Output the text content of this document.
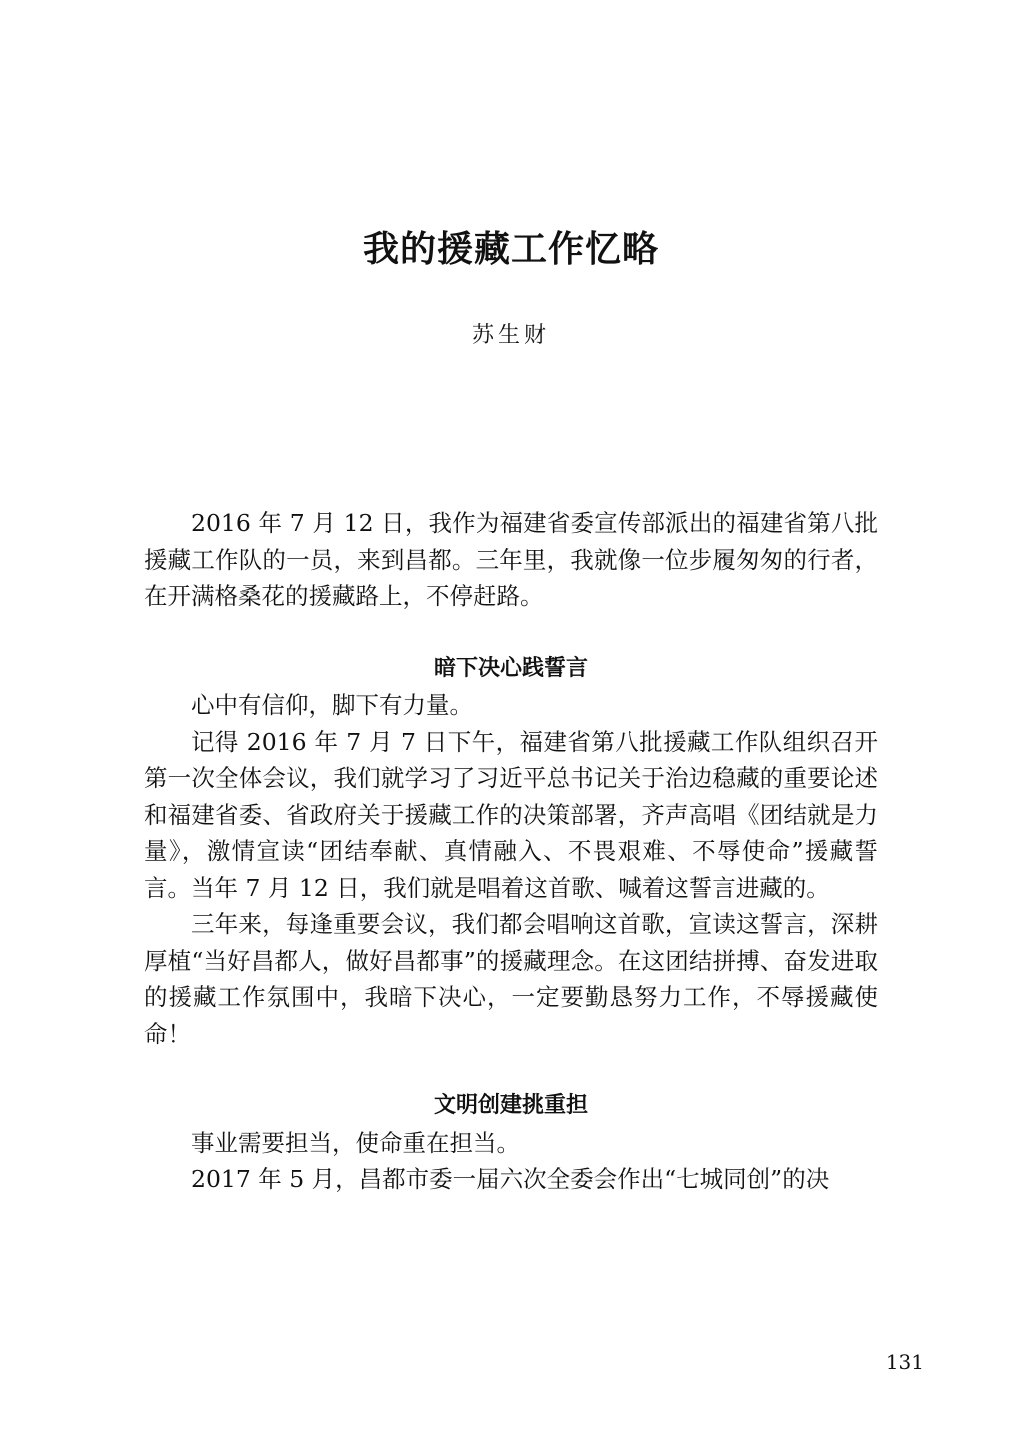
我的援藏工作忆略
苏生财

2016 年 7 月 12 日，我作为福建省委宣传部派出的福建省第八批援藏工作队的一员，来到昌都。三年里，我就像一位步履匆匆的行者，在开满格桑花的援藏路上，不停赶路。

暗下决心践誓言

心中有信仰，脚下有力量。

记得 2016 年 7 月 7 日下午，福建省第八批援藏工作队组织召开第一次全体会议，我们就学习了习近平总书记关于治边稳藏的重要论述和福建省委、省政府关于援藏工作的决策部署，齐声高唱《团结就是力量》，激情宣读“团结奉献、真情融入、不畏艰难、不辱使命”援藏誓言。当年 7 月 12 日，我们就是唱着这首歌、喊着这誓言进藏的。

三年来，每逢重要会议，我们都会唱响这首歌，宣读这誓言，深耕厚植“当好昌都人，做好昌都事”的援藏理念。在这团结拼搏、奋发进取的援藏工作氛围中，我暗下决心，一定要勤恳努力工作，不辱援藏使命！

文明创建挑重担

事业需要担当，使命重在担当。

2017 年 5 月，昌都市委一届六次全委会作出“七城同创”的决

131
